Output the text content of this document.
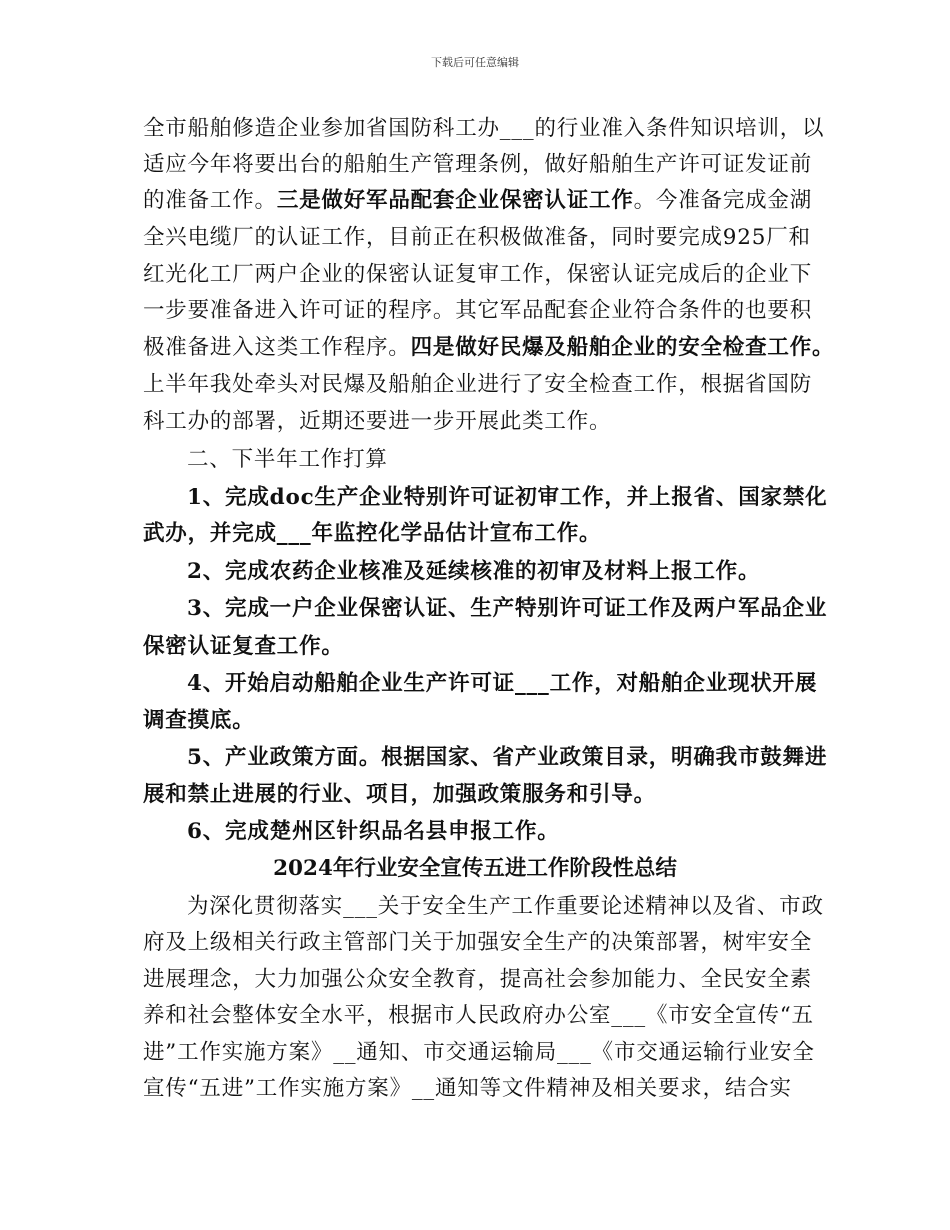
下载后可任意编辑
全市船舶修造企业参加省国防科工办___的行业准入条件知识培训，以
适应今年将要出台的船舶生产管理条例，做好船舶生产许可证发证前
的准备工作。三是做好军品配套企业保密认证工作。今准备完成金湖
全兴电缆厂的认证工作，目前正在积极做准备，同时要完成925厂和
红光化工厂两户企业的保密认证复审工作，保密认证完成后的企业下
一步要准备进入许可证的程序。其它军品配套企业符合条件的也要积
极准备进入这类工作程序。四是做好民爆及船舶企业的安全检查工作。
上半年我处牵头对民爆及船舶企业进行了安全检查工作，根据省国防
科工办的部署，近期还要进一步开展此类工作。
二、下半年工作打算
1、完成doc生产企业特别许可证初审工作，并上报省、国家禁化
武办，并完成___年监控化学品估计宣布工作。
2、完成农药企业核准及延续核准的初审及材料上报工作。
3、完成一户企业保密认证、生产特别许可证工作及两户军品企业
保密认证复查工作。
4、开始启动船舶企业生产许可证___工作，对船舶企业现状开展
调查摸底。
5、产业政策方面。根据国家、省产业政策目录，明确我市鼓舞进
展和禁止进展的行业、项目，加强政策服务和引导。
6、完成楚州区针织品名县申报工作。
2024年行业安全宣传五进工作阶段性总结
为深化贯彻落实___关于安全生产工作重要论述精神以及省、市政
府及上级相关行政主管部门关于加强安全生产的决策部署，树牢安全
进展理念，大力加强公众安全教育，提高社会参加能力、全民安全素
养和社会整体安全水平，根据市人民政府办公室___《市安全宣传“五
进”工作实施方案》__通知、市交通运输局___《市交通运输行业安全
宣传“五进”工作实施方案》__通知等文件精神及相关要求，结合实
